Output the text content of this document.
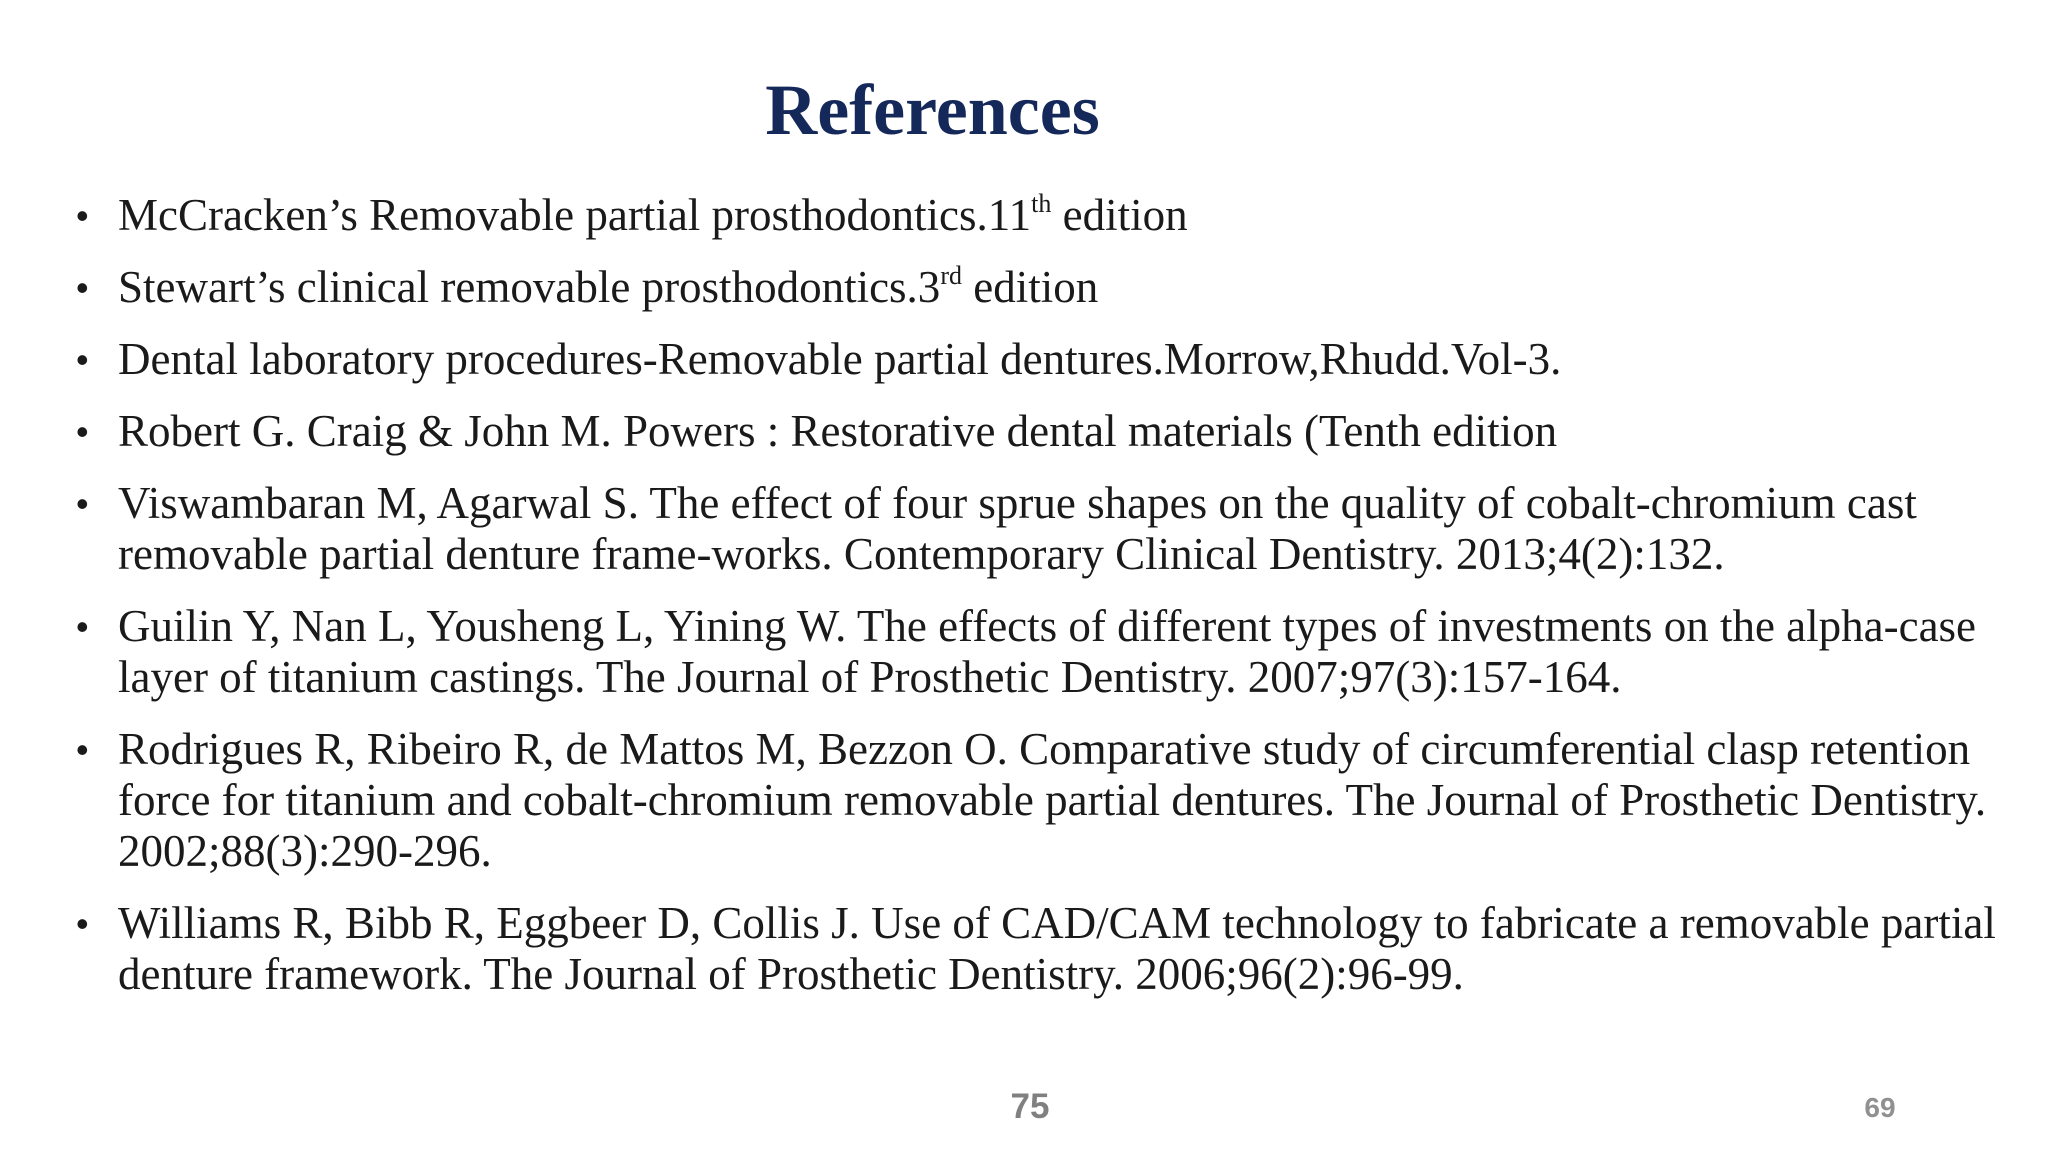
References
• McCracken’s Removable partial prosthodontics.11th edition
• Stewart’s clinical removable prosthodontics.3rd edition
• Dental laboratory procedures-Removable partial dentures.Morrow,Rhudd.Vol-3.
• Robert G. Craig & John M. Powers : Restorative dental materials (Tenth edition
• Viswambaran M, Agarwal S. The effect of four sprue shapes on the quality of cobalt-chromium cast removable partial denture frame-works. Contemporary Clinical Dentistry. 2013;4(2):132.
• Guilin Y, Nan L, Yousheng L, Yining W. The effects of different types of investments on the alpha-case layer of titanium castings. The Journal of Prosthetic Dentistry. 2007;97(3):157-164.
• Rodrigues R, Ribeiro R, de Mattos M, Bezzon O. Comparative study of circumferential clasp retention force for titanium and cobalt-chromium removable partial dentures. The Journal of Prosthetic Dentistry. 2002;88(3):290-296.
• Williams R, Bibb R, Eggbeer D, Collis J. Use of CAD/CAM technology to fabricate a removable partial denture framework. The Journal of Prosthetic Dentistry. 2006;96(2):96-99.
75	69
